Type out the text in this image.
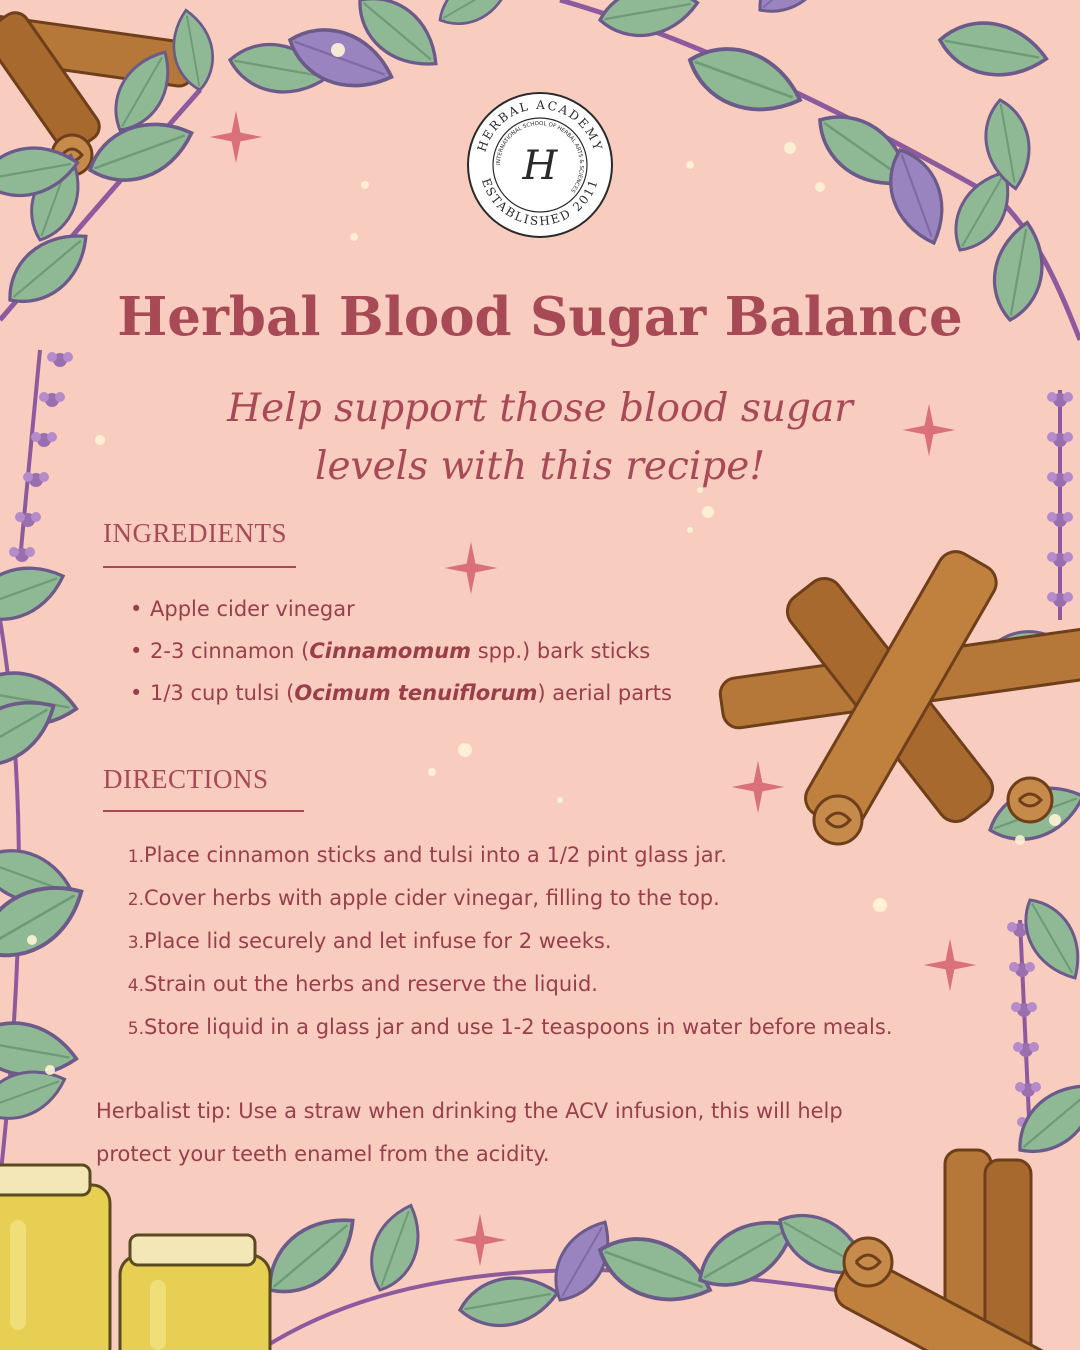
HERBAL ACADEMY
ESTABLISHED 2011
INTERNATIONAL SCHOOL OF HERBAL ARTS & SCIENCES
H
Herbal Blood Sugar Balance
Help support those blood sugar
levels with this recipe!
INGREDIENTS
• Apple cider vinegar
• 2-3 cinnamon (Cinnamomum spp.) bark sticks
• 1/3 cup tulsi (Ocimum tenuiflorum) aerial parts
DIRECTIONS
1.Place cinnamon sticks and tulsi into a 1/2 pint glass jar.
2.Cover herbs with apple cider vinegar, filling to the top.
3.Place lid securely and let infuse for 2 weeks.
4.Strain out the herbs and reserve the liquid.
5.Store liquid in a glass jar and use 1-2 teaspoons in water before meals.
Herbalist tip: Use a straw when drinking the ACV infusion, this will help
protect your teeth enamel from the acidity.
